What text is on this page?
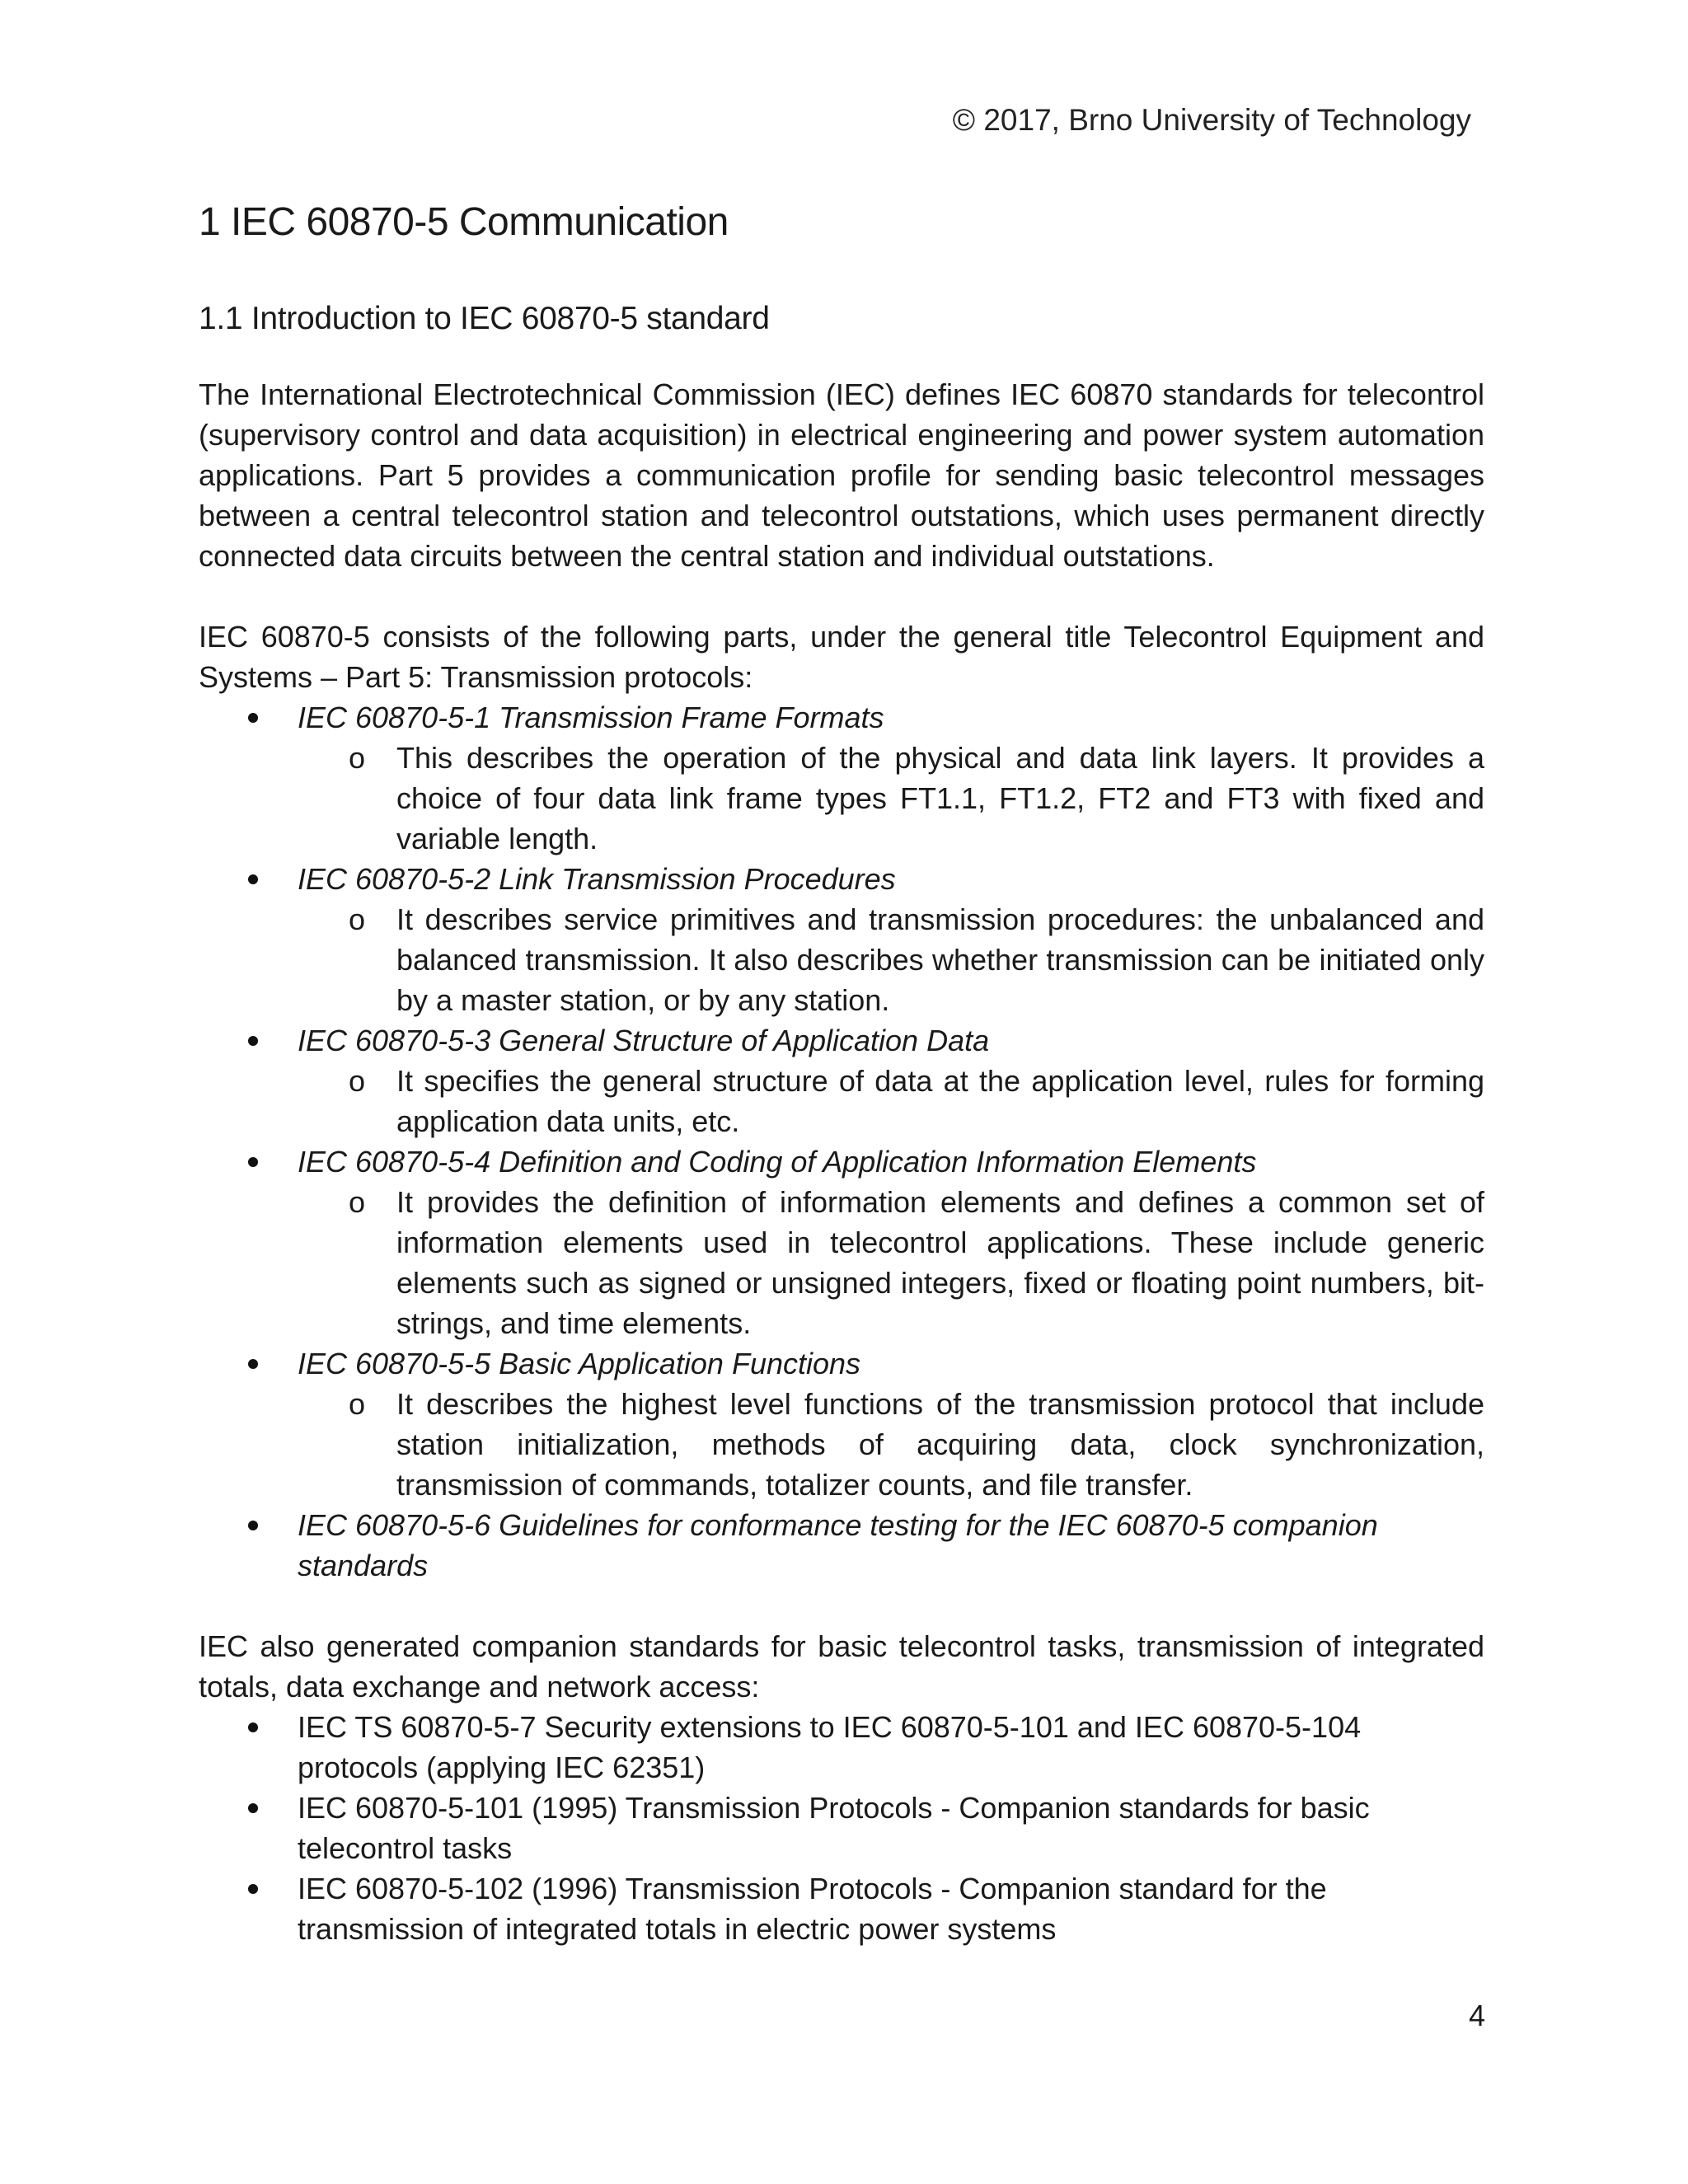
© 2017, Brno University of Technology
1 IEC 60870-5 Communication
1.1 Introduction to IEC 60870-5 standard

The International Electrotechnical Commission (IEC) defines IEC 60870 standards for telecontrol (supervisory control and data acquisition) in electrical engineering and power system automation applications. Part 5 provides a communication profile for sending basic telecontrol messages between a central telecontrol station and telecontrol outstations, which uses permanent directly connected data circuits between the central station and individual outstations.

IEC 60870-5 consists of the following parts, under the general title Telecontrol Equipment and Systems – Part 5: Transmission protocols:

IEC 60870-5-1 Transmission Frame Formats
o This describes the operation of the physical and data link layers. It provides a choice of four data link frame types FT1.1, FT1.2, FT2 and FT3 with fixed and variable length.
IEC 60870-5-2 Link Transmission Procedures
o It describes service primitives and transmission procedures: the unbalanced and balanced transmission. It also describes whether transmission can be initiated only by a master station, or by any station.
IEC 60870-5-3 General Structure of Application Data
o It specifies the general structure of data at the application level, rules for forming application data units, etc.
IEC 60870-5-4 Definition and Coding of Application Information Elements
o It provides the definition of information elements and defines a common set of information elements used in telecontrol applications. These include generic elements such as signed or unsigned integers, fixed or floating point numbers, bit-strings, and time elements.
IEC 60870-5-5 Basic Application Functions
o It describes the highest level functions of the transmission protocol that include station initialization, methods of acquiring data, clock synchronization, transmission of commands, totalizer counts, and file transfer.
IEC 60870-5-6 Guidelines for conformance testing for the IEC 60870-5 companion standards

IEC also generated companion standards for basic telecontrol tasks, transmission of integrated totals, data exchange and network access:

IEC TS 60870-5-7 Security extensions to IEC 60870-5-101 and IEC 60870-5-104 protocols (applying IEC 62351)
IEC 60870-5-101 (1995) Transmission Protocols - Companion standards for basic telecontrol tasks
IEC 60870-5-102 (1996) Transmission Protocols - Companion standard for the transmission of integrated totals in electric power systems
4
